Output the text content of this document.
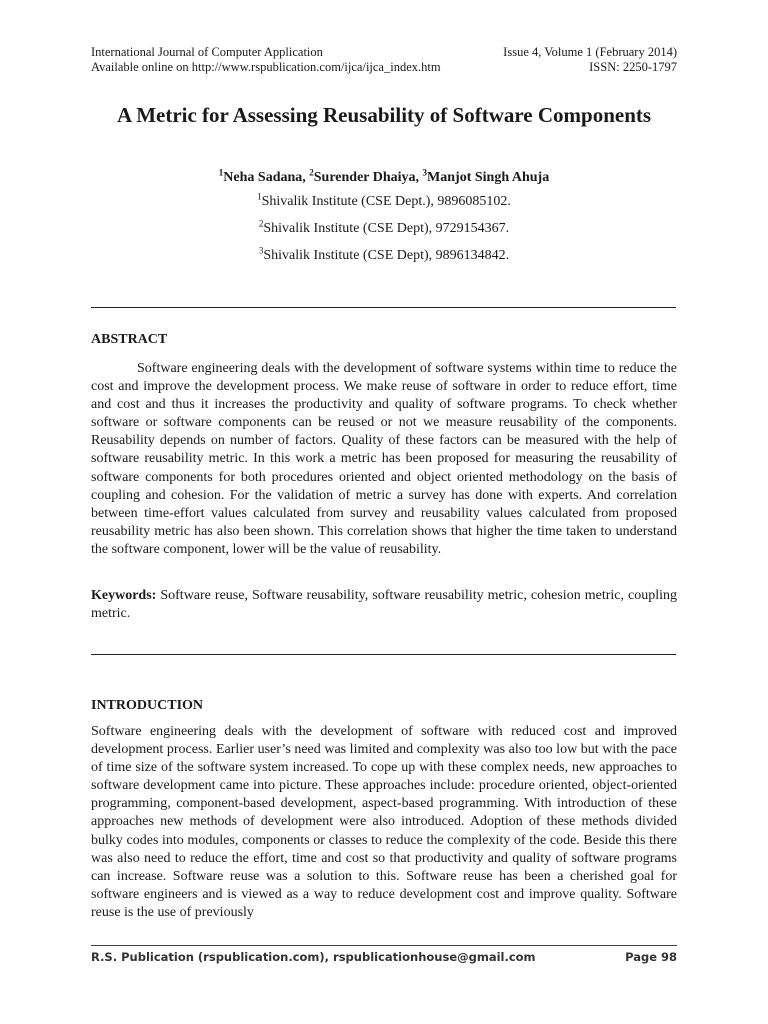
International Journal of Computer Application	Issue 4, Volume 1 (February 2014)
Available online on http://www.rspublication.com/ijca/ijca_index.htm	ISSN: 2250-1797
A Metric for Assessing Reusability of Software Components
$^1$Neha Sadana, $^2$Surender Dhaiya, $^3$Manjot Singh Ahuja
$^1$Shivalik Institute (CSE Dept.), 9896085102.
$^2$Shivalik Institute (CSE Dept), 9729154367.
$^3$Shivalik Institute (CSE Dept), 9896134842.
ABSTRACT

Software engineering deals with the development of software systems within time to reduce the cost and improve the development process. We make reuse of software in order to reduce effort, time and cost and thus it increases the productivity and quality of software programs. To check whether software or software components can be reused or not we measure reusability of the components. Reusability depends on number of factors. Quality of these factors can be measured with the help of software reusability metric. In this work a metric has been proposed for measuring the reusability of software components for both procedures oriented and object oriented methodology on the basis of coupling and cohesion. For the validation of metric a survey has done with experts. And correlation between time-effort values calculated from survey and reusability values calculated from proposed reusability metric has also been shown. This correlation shows that higher the time taken to understand the software component, lower will be the value of reusability.

Keywords: Software reuse, Software reusability, software reusability metric, cohesion metric, coupling metric.

INTRODUCTION

Software engineering deals with the development of software with reduced cost and improved development process. Earlier user’s need was limited and complexity was also too low but with the pace of time size of the software system increased. To cope up with these complex needs, new approaches to software development came into picture. These approaches include: procedure oriented, object-oriented programming, component-based development, aspect-based programming. With introduction of these approaches new methods of development were also introduced. Adoption of these methods divided bulky codes into modules, components or classes to reduce the complexity of the code. Beside this there was also need to reduce the effort, time and cost so that productivity and quality of software programs can increase. Software reuse was a solution to this. Software reuse has been a cherished goal for software engineers and is viewed as a way to reduce development cost and improve quality. Software reuse is the use of previously

R.S. Publication (rspublication.com), rspublicationhouse@gmail.com	Page 98
